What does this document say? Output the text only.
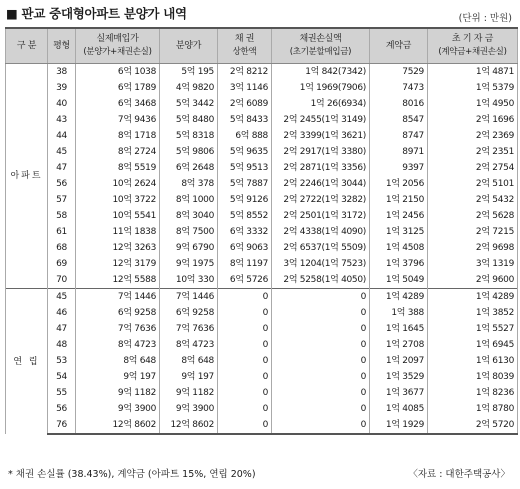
■ 판교 중대형아파트 분양가 내역	(단위 : 만원)
구 분	평형	실제매입가
(분양가+채권손실)	분양가	채 권
상한액	채권손실액
(초기분할매입금)	계약금	초 기 자 금
(계약금+채권손실)

아파트	38	6억 1038	5억 195	2억 8212	1억 842(7342)	7529	1억 4871
	39	6억 1789	4억 9820	3억 1146	1억 1969(7906)	7473	1억 5379
	40	6억 3468	5억 3442	2억 6089	1억 26(6934)	8016	1억 4950
	43	7억 9436	5억 8480	5억 8433	2억 2455(1억 3149)	8547	2억 1696
	44	8억 1718	5억 8318	6억 888	2억 3399(1억 3621)	8747	2억 2369
	45	8억 2724	5억 9806	5억 9635	2억 2917(1억 3380)	8971	2억 2351
	47	8억 5519	6억 2648	5억 9513	2억 2871(1억 3356)	9397	2억 2754
	56	10억 2624	8억 378	5억 7887	2억 2246(1억 3044)	1억 2056	2억 5101
	57	10억 3722	8억 1000	5억 9126	2억 2722(1억 3282)	1억 2150	2억 5432
	58	10억 5541	8억 3040	5억 8552	2억 2501(1억 3172)	1억 2456	2억 5628
	61	11억 1838	8억 7500	6억 3332	2억 4338(1억 4090)	1억 3125	2억 7215
	68	12억 3263	9억 6790	6억 9063	2억 6537(1억 5509)	1억 4508	2억 9698
	69	12억 3179	9억 1975	8억 1197	3억 1204(1억 7523)	1억 3796	3억 1319
	70	12억 5588	10억 330	6억 5726	2억 5258(1억 4050)	1억 5049	2억 9600
연 립	45	7억 1446	7억 1446	0	0	1억 4289	1억 4289
	46	6억 9258	6억 9258	0	0	1억 388	1억 3852
	47	7억 7636	7억 7636	0	0	1억 1645	1억 5527
	48	8억 4723	8억 4723	0	0	1억 2708	1억 6945
	53	8억 648	8억 648	0	0	1억 2097	1억 6130
	54	9억 197	9억 197	0	0	1억 3529	1억 8039
	55	9억 1182	9억 1182	0	0	1억 3677	1억 8236
	56	9억 3900	9억 3900	0	0	1억 4085	1억 8780
	76	12억 8602	12억 8602	0	0	1억 1929	2억 5720
* 채권 손실률 (38.43%), 계약금 (아파트 15%, 연립 20%)	〈자료 : 대한주택공사〉
